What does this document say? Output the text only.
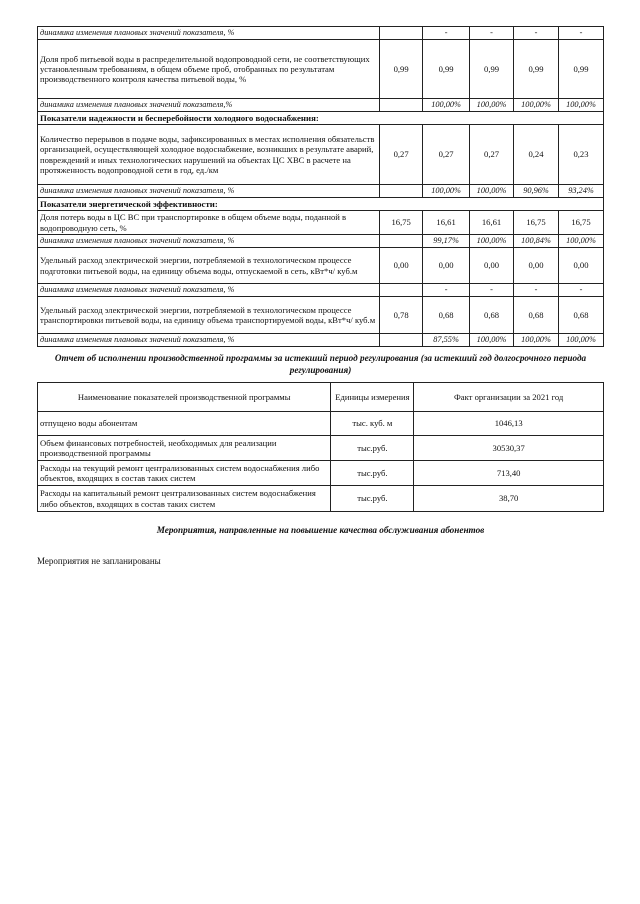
динамика изменения плановых значений показателя, %		-	-	-	-
Доля проб питьевой воды в распределительной водопроводной сети, не соответствующих установленным требованиям, в общем объеме проб, отобранных по результатам производственного контроля качества питьевой воды, %	0,99	0,99	0,99	0,99	0,99
динамика изменения плановых значений показателя,%		100,00%	100,00%	100,00%	100,00%
Показатели надежности и бесперебойности холодного водоснабжения:					
Количество перерывов в подаче воды, зафиксированных в местах исполнения обязательств организацией, осуществляющей холодное водоснабжение, возникших в результате аварий, повреждений и иных технологических нарушений на объектах ЦС ХВС в расчете на протяженность водопроводной сети в год, ед./км	0,27	0,27	0,27	0,24	0,23
динамика изменения плановых значений показателя, %		100,00%	100,00%	90,96%	93,24%
Показатели энергетической эффективности:					
Доля потерь воды в ЦС ВС при транспортировке в общем объеме воды, поданной в водопроводную сеть, %	16,75	16,61	16,61	16,75	16,75
динамика изменения плановых значений показателя, %		99,17%	100,00%	100,84%	100,00%
Удельный расход электрической энергии, потребляемой в технологическом процессе подготовки питьевой воды, на единицу объема воды, отпускаемой в сеть, кВт*ч/ куб.м	0,00	0,00	0,00	0,00	0,00
динамика изменения плановых значений показателя, %		-	-	-	-
Удельный расход электрической энергии, потребляемой в технологическом процессе транспортировки питьевой воды, на единицу объема транспортируемой воды, кВт*ч/ куб.м	0,78	0,68	0,68	0,68	0,68
динамика изменения плановых значений показателя, %		87,55%	100,00%	100,00%	100,00%

Отчет об исполнении производственной программы за истекший период регулирования (за истекший год долгосрочного периода регулирования)

Наименование показателей производственной программы	Единицы измерения	Факт организации за 2021 год
отпущено воды абонентам	тыс. куб. м	1046,13
Объем финансовых потребностей, необходимых для реализации производственной программы	тыс.руб.	30530,37
Расходы на текущий ремонт централизованных систем водоснабжения либо объектов, входящих в состав таких систем	тыс.руб.	713,40
Расходы на капитальный ремонт централизованных систем водоснабжения либо объектов, входящих в состав таких систем	тыс.руб.	38,70

Мероприятия, направленные на повышение качества обслуживания абонентов

Мероприятия не запланированы
